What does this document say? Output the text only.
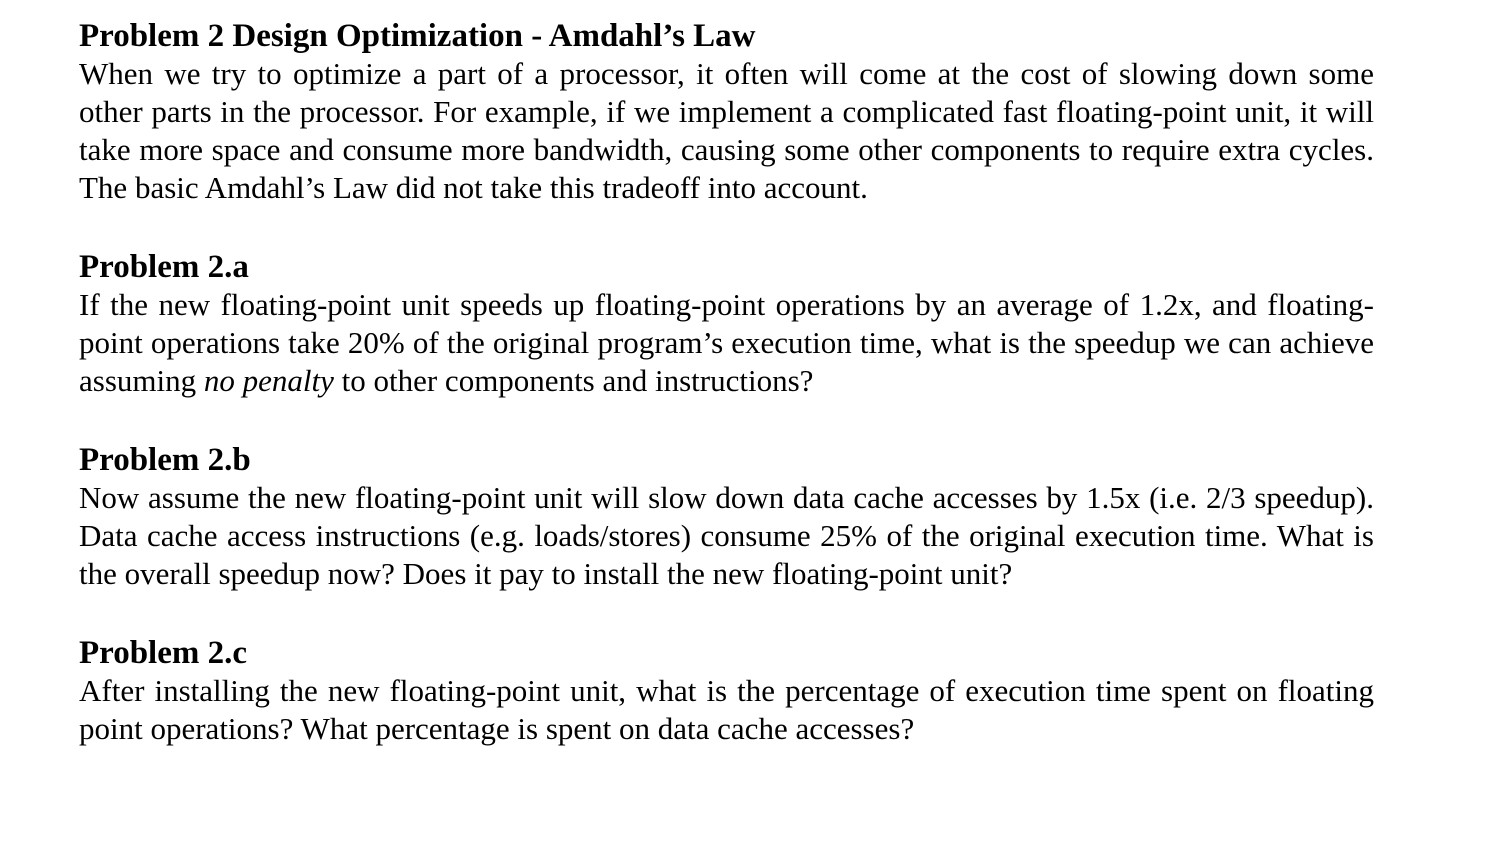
Problem 2 Design Optimization - Amdahl’s Law

When we try to optimize a part of a processor, it often will come at the cost of slowing down some other parts in the processor. For example, if we implement a complicated fast floating-point unit, it will take more space and consume more bandwidth, causing some other components to require extra cycles. The basic Amdahl’s Law did not take this tradeoff into account.

Problem 2.a

If the new floating-point unit speeds up floating-point operations by an average of 1.2x, and floating-point operations take 20% of the original program’s execution time, what is the speedup we can achieve assuming no penalty to other components and instructions?

Problem 2.b

Now assume the new floating-point unit will slow down data cache accesses by 1.5x (i.e. 2/3 speedup). Data cache access instructions (e.g. loads/stores) consume 25% of the original execution time. What is the overall speedup now? Does it pay to install the new floating-point unit?

Problem 2.c

After installing the new floating-point unit, what is the percentage of execution time spent on floating point operations? What percentage is spent on data cache accesses?
